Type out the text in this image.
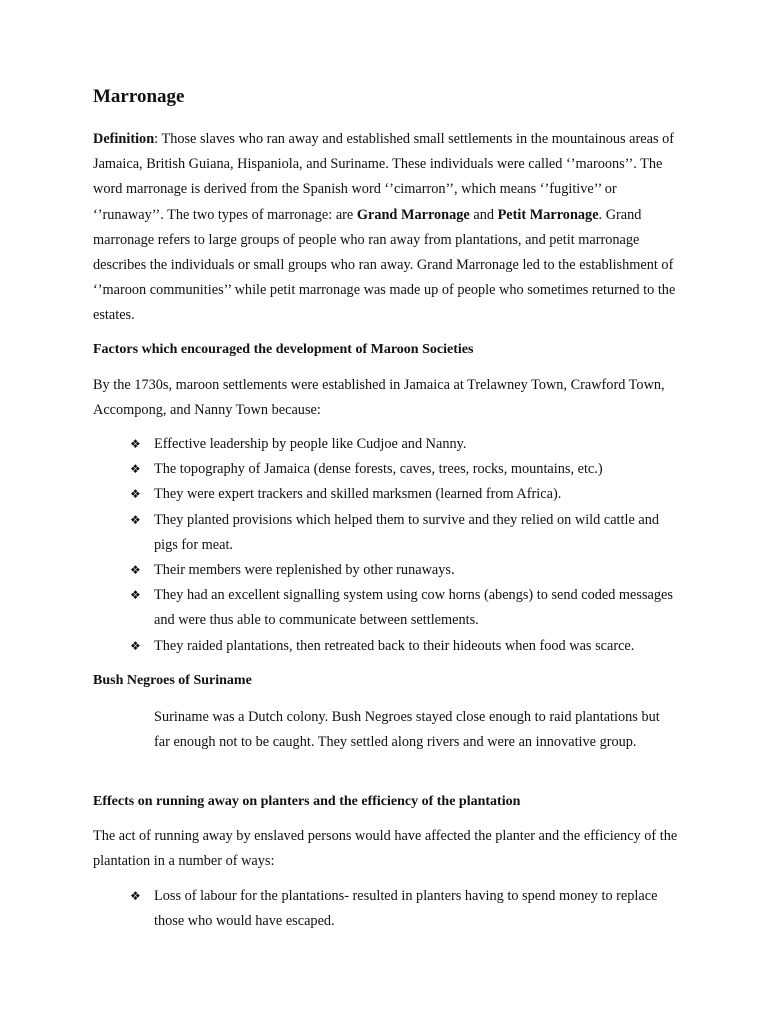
Marronage

Definition: Those slaves who ran away and established small settlements in the mountainous areas of Jamaica, British Guiana, Hispaniola, and Suriname. These individuals were called ‘’maroons’’. The word marronage is derived from the Spanish word ‘’cimarron’’, which means ‘’fugitive’’ or ‘’runaway’’. The two types of marronage: are Grand Marronage and Petit Marronage. Grand marronage refers to large groups of people who ran away from plantations, and petit marronage describes the individuals or small groups who ran away. Grand Marronage led to the establishment of ‘’maroon communities’’ while petit marronage was made up of people who sometimes returned to the estates.

Factors which encouraged the development of Maroon Societies

By the 1730s, maroon settlements were established in Jamaica at Trelawney Town, Crawford Town, Accompong, and Nanny Town because:

❖ Effective leadership by people like Cudjoe and Nanny.
❖ The topography of Jamaica (dense forests, caves, trees, rocks, mountains, etc.)
❖ They were expert trackers and skilled marksmen (learned from Africa).
❖ They planted provisions which helped them to survive and they relied on wild cattle and pigs for meat.
❖ Their members were replenished by other runaways.
❖ They had an excellent signalling system using cow horns (abengs) to send coded messages and were thus able to communicate between settlements.
❖ They raided plantations, then retreated back to their hideouts when food was scarce.
Bush Negroes of Suriname

Suriname was a Dutch colony. Bush Negroes stayed close enough to raid plantations but far enough not to be caught. They settled along rivers and were an innovative group.

Effects on running away on planters and the efficiency of the plantation

The act of running away by enslaved persons would have affected the planter and the efficiency of the plantation in a number of ways:

❖ Loss of labour for the plantations- resulted in planters having to spend money to replace those who would have escaped.
